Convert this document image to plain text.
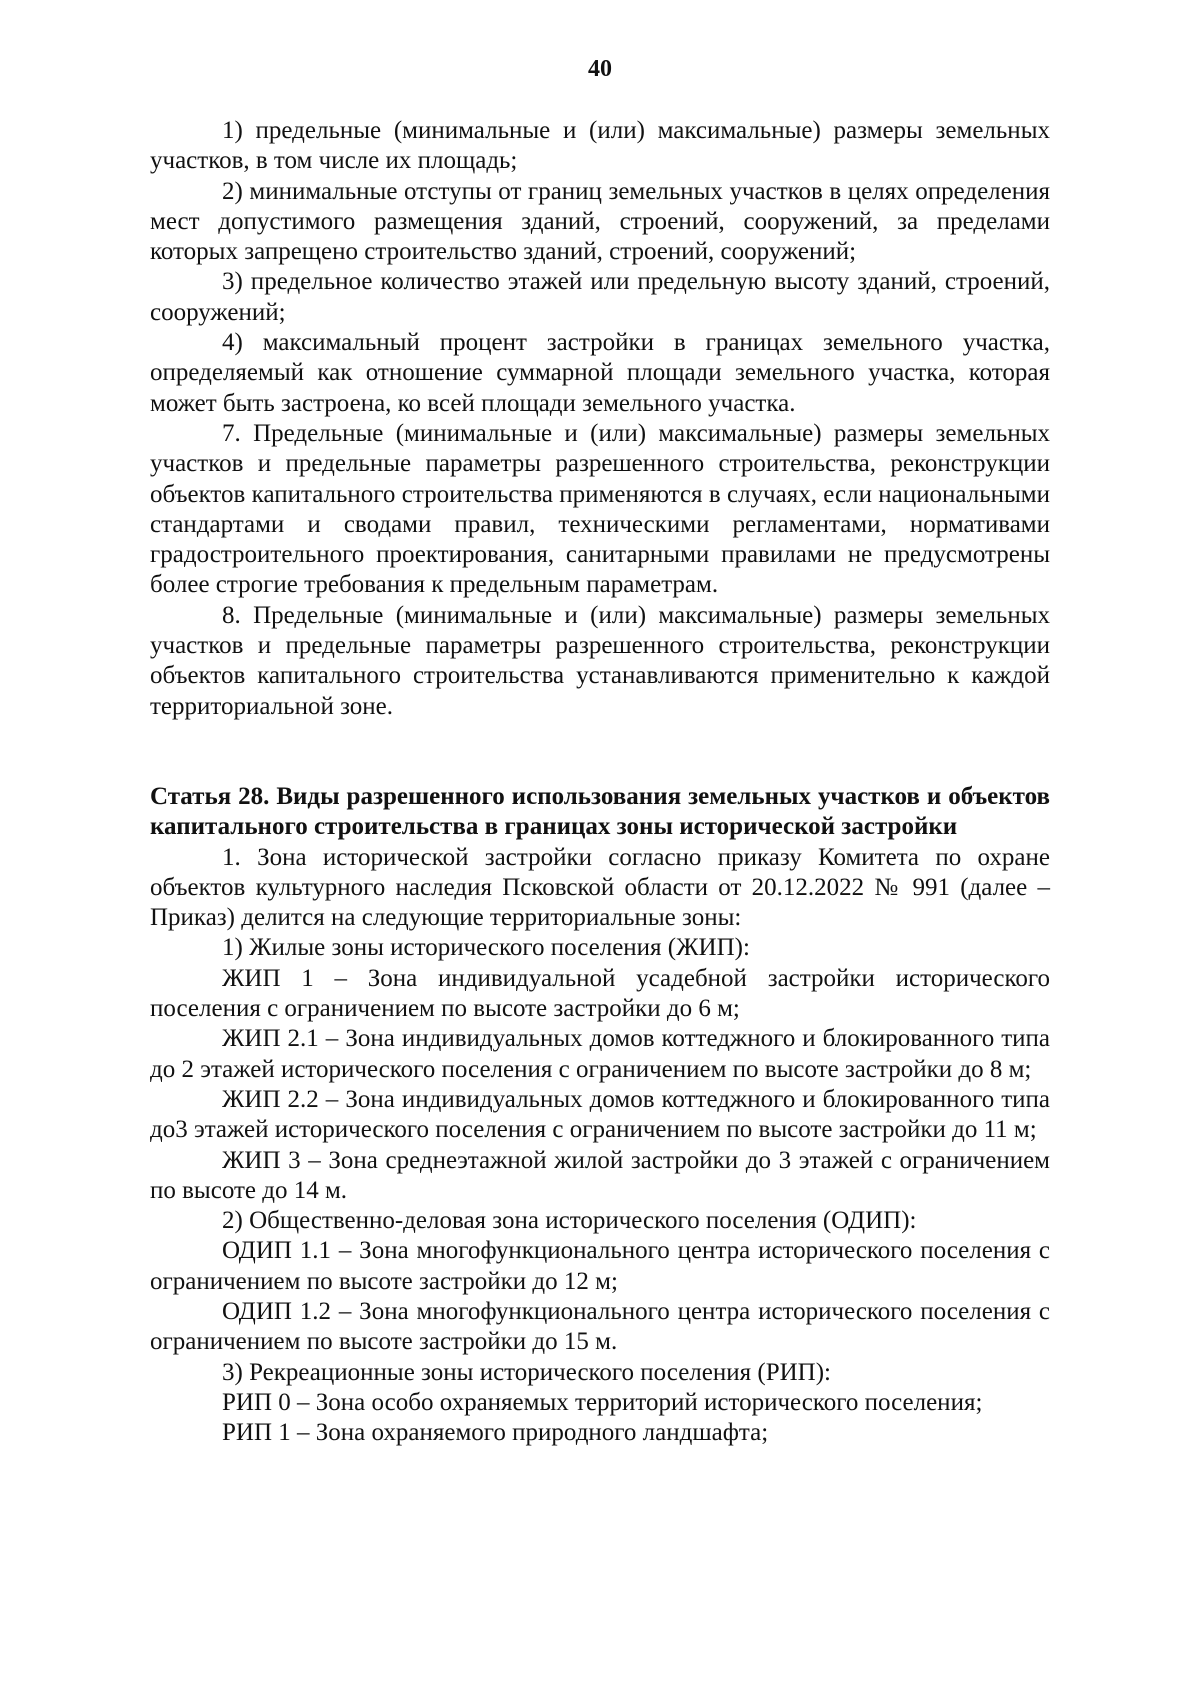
40

1) предельные (минимальные и (или) максимальные) размеры земельных участков, в том числе их площадь;

2) минимальные отступы от границ земельных участков в целях определения мест допустимого размещения зданий, строений, сооружений, за пределами которых запрещено строительство зданий, строений, сооружений;

3) предельное количество этажей или предельную высоту зданий, строений, сооружений;

4) максимальный процент застройки в границах земельного участка, определяемый как отношение суммарной площади земельного участка, которая может быть застроена, ко всей площади земельного участка.

7. Предельные (минимальные и (или) максимальные) размеры земельных участков и предельные параметры разрешенного строительства, реконструкции объектов капитального строительства применяются в случаях, если национальными стандартами и сводами правил, техническими регламентами, нормативами градостроительного проектирования, санитарными правилами не предусмотрены более строгие требования к предельным параметрам.

8. Предельные (минимальные и (или) максимальные) размеры земельных участков и предельные параметры разрешенного строительства, реконструкции объектов капитального строительства устанавливаются применительно к каждой территориальной зоне.

Статья 28. Виды разрешенного использования земельных участков и объектов капитального строительства в границах зоны исторической застройки

1. Зона исторической застройки согласно приказу Комитета по охране объектов культурного наследия Псковской области от 20.12.2022 № 991 (далее – Приказ) делится на следующие территориальные зоны:

1) Жилые зоны исторического поселения (ЖИП):

ЖИП 1 – Зона индивидуальной усадебной застройки исторического поселения с ограничением по высоте застройки до 6 м;

ЖИП 2.1 – Зона индивидуальных домов коттеджного и блокированного типа до 2 этажей исторического поселения с ограничением по высоте застройки до 8 м;

ЖИП 2.2 – Зона индивидуальных домов коттеджного и блокированного типа до3 этажей исторического поселения с ограничением по высоте застройки до 11 м;

ЖИП 3 – Зона среднеэтажной жилой застройки до 3 этажей с ограничением по высоте до 14 м.

2) Общественно-деловая зона исторического поселения (ОДИП):

ОДИП 1.1 – Зона многофункционального центра исторического поселения с ограничением по высоте застройки до 12 м;

ОДИП 1.2 – Зона многофункционального центра исторического поселения с ограничением по высоте застройки до 15 м.

3) Рекреационные зоны исторического поселения (РИП):

РИП 0 – Зона особо охраняемых территорий исторического поселения;

РИП 1 – Зона охраняемого природного ландшафта;
